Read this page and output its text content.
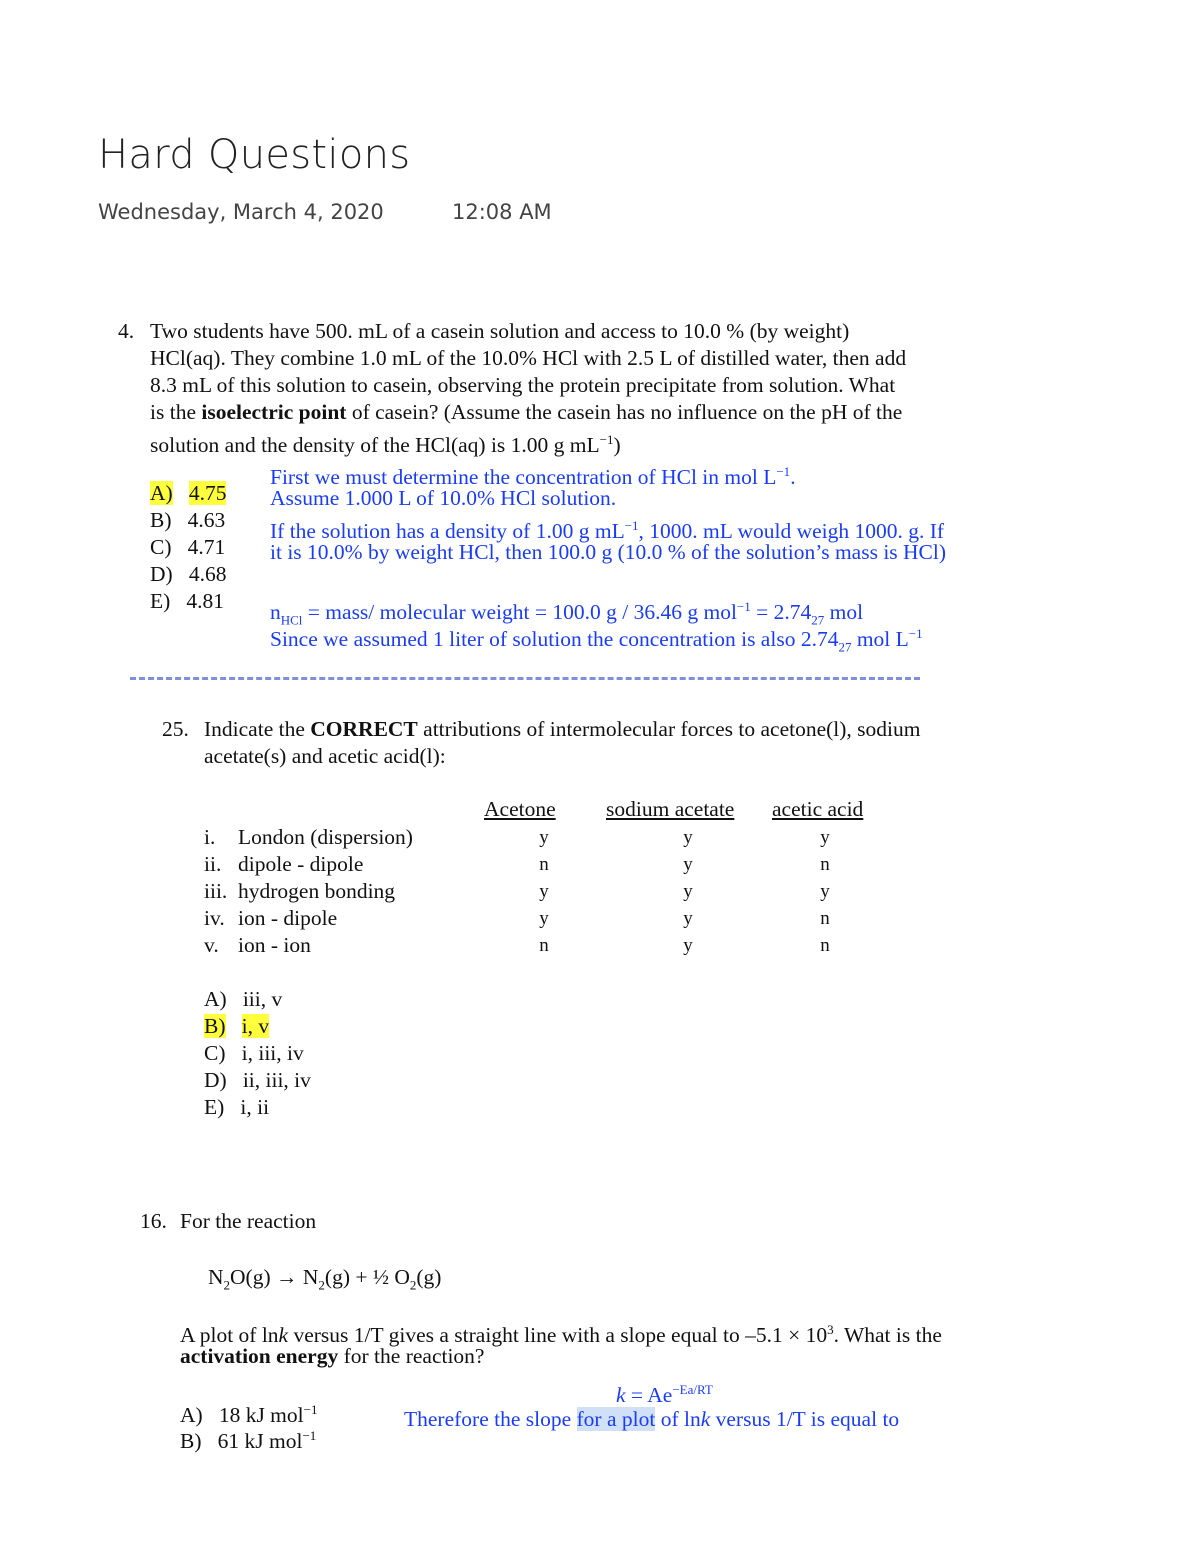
Hard Questions
Wednesday, March 4, 2020	12:08 AM
4. Two students have 500. mL of a casein solution and access to 10.0 % (by weight)
HCl(aq). They combine 1.0 mL of the 10.0% HCl with 2.5 L of distilled water, then add
8.3 mL of this solution to casein, observing the protein precipitate from solution. What
is the isoelectric point of casein? (Assume the casein has no influence on the pH of the
solution and the density of the HCl(aq) is 1.00 g $mL^{-1}$)
A) 4.75
B) 4.63
C) 4.71
D) 4.68
E) 4.81
First we must determine the concentration of HCl in mol $L^{-1}$.
Assume 1.000 L of 10.0% HCl solution.
If the solution has a density of 1.00 g $mL^{-1}$, 1000. mL would weigh 1000. g. If
it is 10.0% by weight HCl, then 100.0 g (10.0 % of the solution’s mass is HCl)
$n_{HCl}$ = mass/ molecular weight = 100.0 g / 36.46 g $mol^{-1} = 2.74_{27}$ mol
Since we assumed 1 liter of solution the concentration is also $2.74_{27}$ mol $L^{-1}$
25. Indicate the CORRECT attributions of intermolecular forces to acetone(l), sodium
acetate(s) and acetic acid(l):
Acetone sodium acetate acetic acid
i. London (dispersion)	y	y	y
ii. dipole - dipole	n	y	n
iii. hydrogen bonding	y	y	y
iv. ion - dipole	y	y	n
v. ion - ion	n	y	n
A) iii, v
B) i, v
C) i, iii, iv
D) ii, iii, iv
E) i, ii
16. For the reaction
$N_2O(g) \to N_2(g)$ + ½ $O_2(g)$
A plot of lnk versus 1/T gives a straight line with a slope equal to $-5.1 \times 10^3$. What is the
activation energy for the reaction?
$k = Ae^{-Ea/RT}$
Therefore the slope for a plot of lnk versus 1/T is equal to
A) 18 kJ mol$^{-1}$
B) 61 kJ mol$^{-1}$
